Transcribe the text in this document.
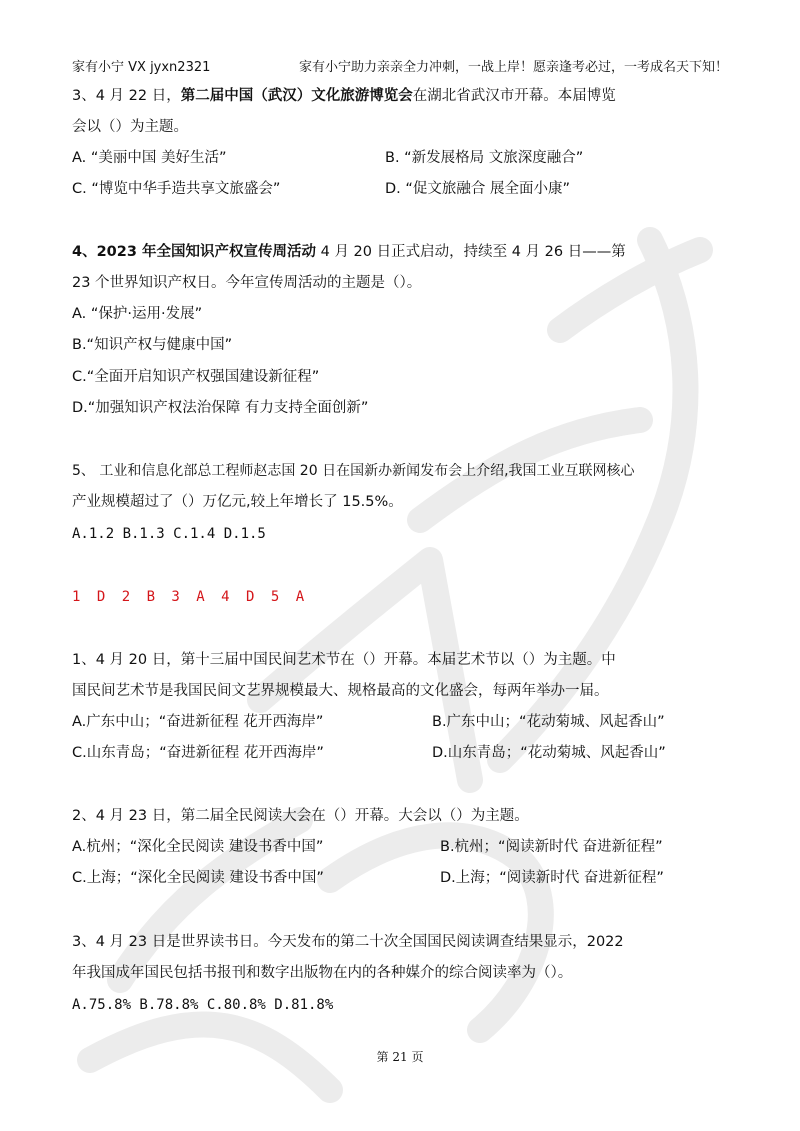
家有小宁 VX jyxn2321	家有小宁助力亲亲全力冲刺，一战上岸！愿亲逢考必过，一考成名天下知！
3、4 月 22 日，第二届中国（武汉）文化旅游博览会在湖北省武汉市开幕。本届博览
会以（）为主题。
A. “美丽中国 美好生活”	B. “新发展格局 文旅深度融合”
C. “博览中华手造共享文旅盛会”	D. “促文旅融合 展全面小康”
4、2023 年全国知识产权宣传周活动 4 月 20 日正式启动，持续至 4 月 26 日——第
23 个世界知识产权日。今年宣传周活动的主题是（）。
A. “保护·运用·发展”
B.“知识产权与健康中国”
C.“全面开启知识产权强国建设新征程”
D.“加强知识产权法治保障 有力支持全面创新”
5、 工业和信息化部总工程师赵志国 20 日在国新办新闻发布会上介绍,我国工业互联网核心
产业规模超过了（）万亿元,较上年增长了 15.5%。
A.1.2 B.1.3 C.1.4 D.1.5
1 D 2 B 3 A 4 D 5 A
1、4 月 20 日，第十三届中国民间艺术节在（）开幕。本届艺术节以（）为主题。中
国民间艺术节是我国民间文艺界规模最大、规格最高的文化盛会，每两年举办一届。
A.广东中山；“奋进新征程 花开西海岸”	B.广东中山；“花动菊城、风起香山”
C.山东青岛；“奋进新征程 花开西海岸”	D.山东青岛；“花动菊城、风起香山”
2、4 月 23 日，第二届全民阅读大会在（）开幕。大会以（）为主题。
A.杭州；“深化全民阅读 建设书香中国”	B.杭州；“阅读新时代 奋进新征程”
C.上海；“深化全民阅读 建设书香中国”	D.上海；“阅读新时代 奋进新征程”
3、4 月 23 日是世界读书日。今天发布的第二十次全国国民阅读调查结果显示，2022
年我国成年国民包括书报刊和数字出版物在内的各种媒介的综合阅读率为（）。
A.75.8% B.78.8% C.80.8% D.81.8%
第 21 页
